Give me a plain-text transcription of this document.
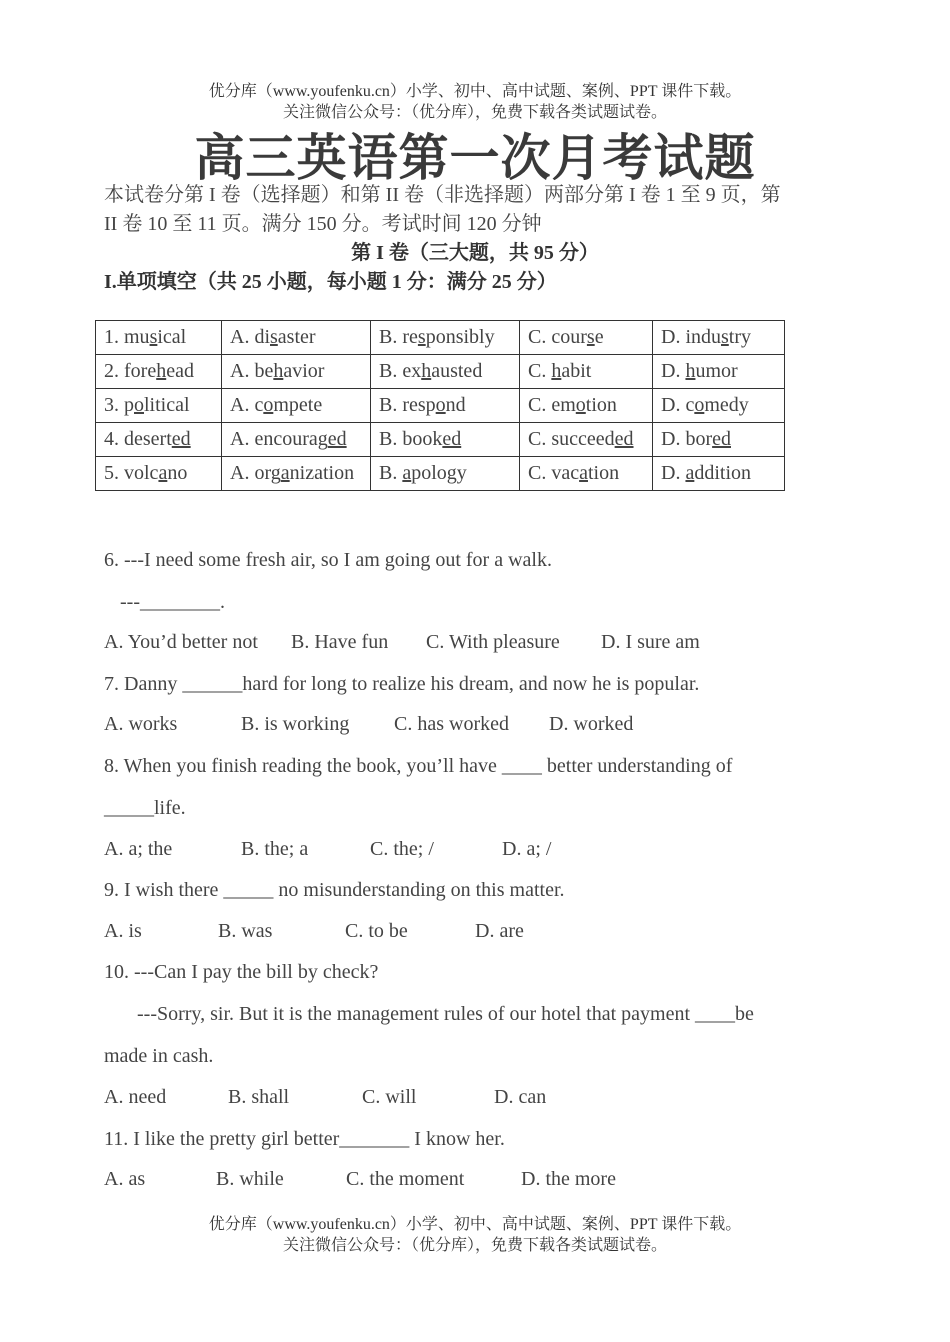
优分库（www.youfenku.cn）小学、初中、高中试题、案例、PPT 课件下载。
关注微信公众号：（优分库），免费下载各类试题试卷。
高三英语第一次月考试题
本试卷分第 I 卷（选择题）和第 II 卷（非选择题）两部分第 I 卷 1 至 9 页，第
II 卷 10 至 11 页。满分 150 分。考试时间 120 分钟
第 I 卷（三大题，共 95 分）
I.单项填空（共 25 小题，每小题 1 分：满分 25 分）
1. musical	A. disaster	B. responsibly	C. course	D. industry
2. forehead	A. behavior	B. exhausted	C. habit	D. humor
3. political	A. compete	B. respond	C. emotion	D. comedy
4. deserted	A. encouraged	B. booked	C. succeeded	D. bored
5. volcano	A. organization	B. apology	C. vacation	D. addition
6. ---I need some fresh air, so I am going out for a walk.
---________.
A. You’d better not B. Have fun C. With pleasure D. I sure am
7. Danny ______hard for long to realize his dream, and now he is popular.
A. works	B. is working C. has worked D. worked
8. When you finish reading the book, you’ll have ____ better understanding of
_____life.
A. a; the	B. the; a	C. the; /	D. a; /
9. I wish there _____ no misunderstanding on this matter.
A. is	B. was	C. to be	D. are
10. ---Can I pay the bill by check?
---Sorry, sir. But it is the management rules of our hotel that payment ____be
made in cash.
A. need	B. shall	C. will	D. can
11. I like the pretty girl better_______ I know her.
A. as	B. while	C. the moment	D. the more
优分库（www.youfenku.cn）小学、初中、高中试题、案例、PPT 课件下载。
关注微信公众号：（优分库），免费下载各类试题试卷。
